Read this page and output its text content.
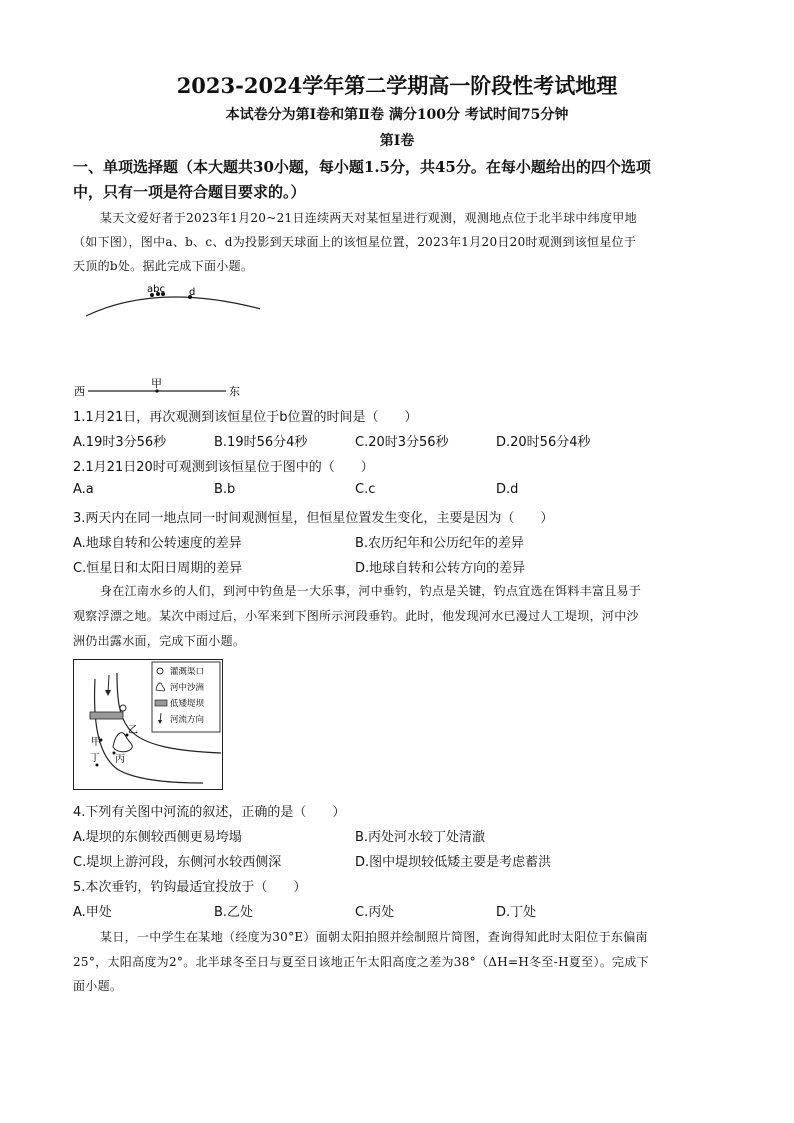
2023-2024学年第二学期高一阶段性考试地理
本试卷分为第Ⅰ卷和第Ⅱ卷 满分100分 考试时间75分钟
第Ⅰ卷
一、单项选择题（本大题共30小题，每小题1.5分，共45分。在每小题给出的四个选项
中，只有一项是符合题目要求的。）
某天文爱好者于2023年1月20~21日连续两天对某恒星进行观测，观测地点位于北半球中纬度甲地
（如下图），图中a、b、c、d为投影到天球面上的该恒星位置，2023年1月20日20时观测到该恒星位于
天顶的b处。据此完成下面小题。
abc d
西
甲
东
1.1月21日，再次观测到该恒星位于b位置的时间是（　　）
A.19时3分56秒	B.19时56分4秒	C.20时3分56秒	D.20时56分4秒
2.1月21日20时可观测到该恒星位于图中的（　　）
A.a	B.b	C.c	D.d
3.两天内在同一地点同一时间观测恒星，但恒星位置发生变化，主要是因为（　　）
A.地球自转和公转速度的差异	B.农历纪年和公历纪年的差异
C.恒星日和太阳日周期的差异	D.地球自转和公转方向的差异
身在江南水乡的人们，到河中钓鱼是一大乐事，河中垂钓，钓点是关键，钓点宜选在饵料丰富且易于
观察浮漂之地。某次中雨过后，小军来到下图所示河段垂钓。此时，他发现河水已漫过人工堤坝，河中沙
洲仍出露水面，完成下面小题。
甲
乙
丙
丁
灌溉渠口
河中沙洲
低矮堤坝
河流方向
4.下列有关图中河流的叙述，正确的是（　　）
A.堤坝的东侧较西侧更易垮塌	B.丙处河水较丁处清澈
C.堤坝上游河段，东侧河水较西侧深	D.图中堤坝较低矮主要是考虑蓄洪
5.本次垂钓，钓钩最适宜投放于（　　）
A.甲处	B.乙处	C.丙处	D.丁处
某日，一中学生在某地（经度为30°E）面朝太阳拍照并绘制照片简图，查询得知此时太阳位于东偏南
25°，太阳高度为2°。北半球冬至日与夏至日该地正午太阳高度之差为38°（ΔH=H冬至-H夏至）。完成下
面小题。
